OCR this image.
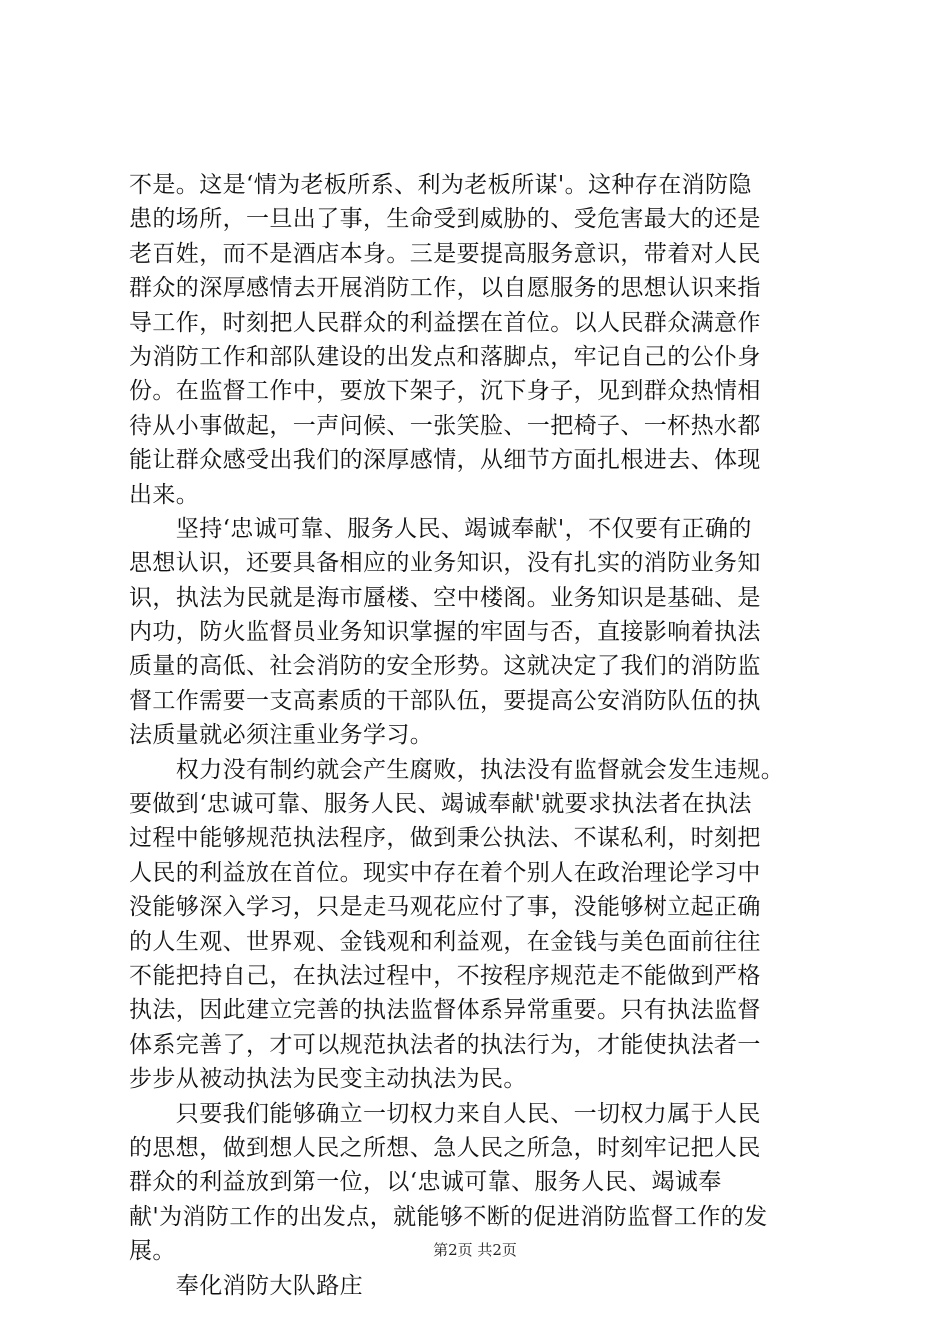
不是。这是‘情为老板所系、利为老板所谋'。这种存在消防隐
患的场所，一旦出了事，生命受到威胁的、受危害最大的还是
老百姓，而不是酒店本身。三是要提高服务意识，带着对人民
群众的深厚感情去开展消防工作，以自愿服务的思想认识来指
导工作，时刻把人民群众的利益摆在首位。以人民群众满意作
为消防工作和部队建设的出发点和落脚点，牢记自己的公仆身
份。在监督工作中，要放下架子，沉下身子，见到群众热情相
待从小事做起，一声问候、一张笑脸、一把椅子、一杯热水都
能让群众感受出我们的深厚感情，从细节方面扎根进去、体现
出来。
　　坚持‘忠诚可靠、服务人民、竭诚奉献'，不仅要有正确的
思想认识，还要具备相应的业务知识，没有扎实的消防业务知
识，执法为民就是海市蜃楼、空中楼阁。业务知识是基础、是
内功，防火监督员业务知识掌握的牢固与否，直接影响着执法
质量的高低、社会消防的安全形势。这就决定了我们的消防监
督工作需要一支高素质的干部队伍，要提高公安消防队伍的执
法质量就必须注重业务学习。
　　权力没有制约就会产生腐败，执法没有监督就会发生违规。
要做到‘忠诚可靠、服务人民、竭诚奉献'就要求执法者在执法
过程中能够规范执法程序，做到秉公执法、不谋私利，时刻把
人民的利益放在首位。现实中存在着个别人在政治理论学习中
没能够深入学习，只是走马观花应付了事，没能够树立起正确
的人生观、世界观、金钱观和利益观，在金钱与美色面前往往
不能把持自己，在执法过程中，不按程序规范走不能做到严格
执法，因此建立完善的执法监督体系异常重要。只有执法监督
体系完善了，才可以规范执法者的执法行为，才能使执法者一
步步从被动执法为民变主动执法为民。
　　只要我们能够确立一切权力来自人民、一切权力属于人民
的思想，做到想人民之所想、急人民之所急，时刻牢记把人民
群众的利益放到第一位，以‘忠诚可靠、服务人民、竭诚奉
献'为消防工作的出发点，就能够不断的促进消防监督工作的发
展。
　　奉化消防大队路庄
第2页 共2页
